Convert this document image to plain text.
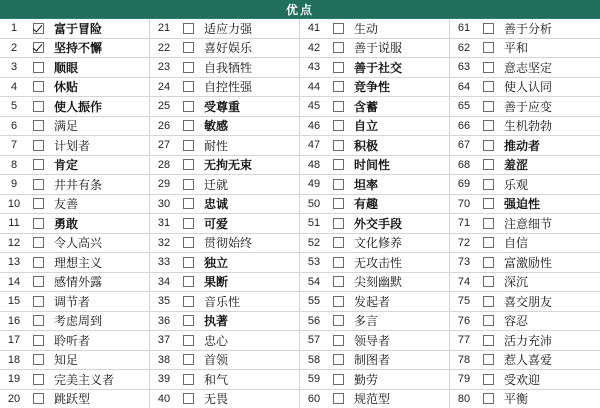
优点
1	富于冒险	21	适应力强	41	生动	61	善于分析
2	坚持不懈	22	喜好娱乐	42	善于说服	62	平和
3	顺眼	23	自我牺牲	43	善于社交	63	意志坚定
4	休贴	24	自控性强	44	竞争性	64	使人认同
5	使人振作	25	受尊重	45	含蓄	65	善于应变
6	满足	26	敏感	46	自立	66	生机勃勃
7	计划者	27	耐性	47	积极	67	推动者
8	肯定	28	无拘无束	48	时间性	68	羞涩
9	井井有条	29	迁就	49	坦率	69	乐观
10	友善	30	忠诚	50	有趣	70	强迫性
11	勇敢	31	可爱	51	外交手段	71	注意细节
12	令人高兴	32	贯彻始终	52	文化修养	72	自信
13	理想主义	33	独立	53	无攻击性	73	富激励性
14	感情外露	34	果断	54	尖刻幽默	74	深沉
15	调节者	35	音乐性	55	发起者	75	喜交朋友
16	考虑周到	36	执著	56	多言	76	容忍
17	聆听者	37	忠心	57	领导者	77	活力充沛
18	知足	38	首领	58	制图者	78	惹人喜爱
19	完美主义者	39	和气	59	勤劳	79	受欢迎
20	跳跃型	40	无畏	60	规范型	80	平衡
